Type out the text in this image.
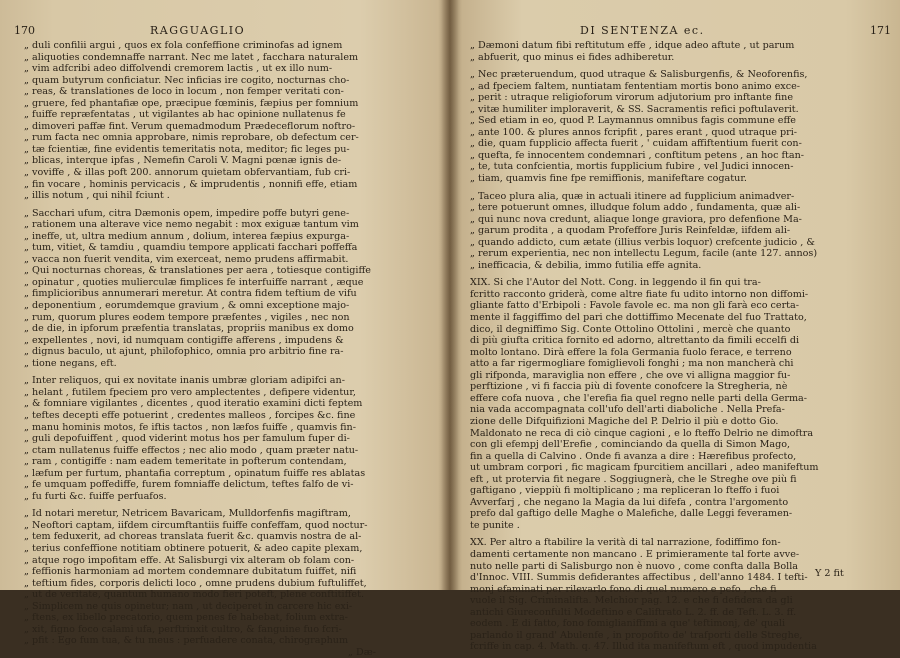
170	RAGGUAGLIO
„ duli confilii argui , quos ex fola confeffione criminofas ad ignem
„ aliquoties condemnaffe narrant. Nec me latet , facchara naturalem
„ vim adfcribi adeo diffolvendi cremorem lactis , ut ex illo num-
„ quam butyrum conficiatur. Nec inficias ire cogito, nocturnas cho-
„ reas, & translationes de loco in locum , non femper veritati con-
„ gruere, fed phantafiæ ope, præcipue fœminis, fæpius per fomnium
„ fuiffe repræfentatas , ut vigilantes ab hac opinione nullatenus fe
„ dimoveri paffæ fint. Verum quemadmodum Prædeceflorum noftro-
„ rum facta nec omnia approbare, nimis reprobare, ob defectum cer-
„ tæ fcientiæ, fine evidentis temeritatis nota, meditor; fic leges pu-
„ blicas, interque ipfas , Nemefin Caroli V. Magni pœnæ ignis de-
„ voviffe , & illas poft 200. annorum quietam obfervantiam, fub cri-
„ fin vocare , hominis pervicacis , & imprudentis , nonnifi effe, etiam
„ illis notum , qui nihil fciunt .
„ Sacchari ufum, citra Dæmonis opem, impedire poffe butyri gene-
„ rationem una alterave vice nemo negabit : mox exiguæ tantum vim
„ ineffe, ut, ultra medium annum , dolium, interea fæpius expurga-
„ tum, vitiet, & tamdiu , quamdiu tempore applicati facchari poffeffa
„ vacca non fuerit vendita, vim exerceat, nemo prudens affirmabit.
„ Qui nocturnas choreas, & translationes per aera , totiesque contigiffe
„ opinatur , quoties mulierculæ fimplices fe interfuiffe narrant , æque
„ fimplicioribus annumerari meretur. At contra fidem teftium de vifu
„ deponentium , eorumdemque gravium , & omni exceptione majo-
„ rum, quorum plures eodem tempore præfentes , vigiles , nec non
„ de die, in ipforum præfentia translatas, propriis manibus ex domo
„ expellentes , novi, id numquam contigiffe afferens , impudens &
„ dignus baculo, ut ajunt, philofophico, omnia pro arbitrio fine ra-
„ tione negans, eft.
„ Inter reliquos, qui ex novitate inanis umbræ gloriam adipifci an-
„ helant , futilem fpeciem pro vero amplectentes , defipere videntur,
„ & fomniare vigilantes , dicentes , quod iteratio examini dicti feptem
„ teftes decepti effe potuerint , credentes malleos , forcipes &c. fine
„ manu hominis motos, fe iftis tactos , non læfos fuiffe , quamvis fin-
„ guli depofuiffent , quod viderint motus hos per famulum fuper di-
„ ctam nullatenus fuiffe effectos ; nec alio modo , quam præter natu-
„ ram , contigiffe : nam eadem temeritate in pofterum contendam,
„ læfum per furtum, phantafia correptum , opinatum fuiffe res ablatas
„ fe umquam poffediffe, furem fomniaffe delictum, teftes falfo de vi-
„ fu furti &c. fuiffe perfuafos.
„ Id notari meretur, Netricem Bavaricam, Mulldorfenfis magiftram,
„ Neoftori captam, iifdem circumftantiis fuiffe confeffam, quod noctur-
„ tem feduxerit, ad choreas translata fuerit &c. quamvis nostra de al-
„ terius confeffione notitiam obtinere potuerit, & adeo capite plexam,
„ atque rogo impofitam effe. At Salisburgi vix alteram ob folam con-
„ feffionis harmoniam ad mortem condemnare dubitatum fuiffet, nifi
„ teftium fides, corporis delicti loco , omne prudens dubium fuftuliffet,
„ ut de veritate, quantum humano modo fieri poteft, plene conftitiffet.
„ Simplicem ne quis opinetur; nam , ut deciperet in carcere hic exi-
„ ftens, ex libello precatorio, quem penes fe habebat, folium extra-
„ xit, figno foco calami ufa, perftrinxit cultro, & fanguine fuo fcri-
„ pfit : Ego fum tua, & tu meus : perfuadere conata, chirographum
„ Dæ-
DI SENTENZA ec.	171
„ Dæmoni datum fibi reftitutum effe , idque adeo aftute , ut parum
„ abfuerit, quo minus ei fides adhiberetur.
„ Nec præteruendum, quod utraque & Salisburgenfis, & Neoforenfis,
„ ad fpeciem faltem, nuntiatam fententiam mortis bono animo exce-
„ perit : utraque religioforum virorum adjutorium pro inftante fine
„ vitæ humiliter imploraverit, & SS. Sacramentis refici poftulaverit.
„ Sed etiam in eo, quod P. Laymannus omnibus fagis commune effe
„ ante 100. & plures annos fcripfit , pares erant , quod utraque pri-
„ die, quam fupplicio affecta fuerit , ' cuidam affiftentium fuerit con-
„ quefta, fe innocentem condemnari , conftitum petens , an hoc ftan-
„ te, tuta confcientia, mortis fupplicium fubire , vel Judici innocen-
„ tiam, quamvis fine fpe remiffionis, manifeftare cogatur.
„ Taceo plura alia, quæ in actuali itinere ad fupplicium animadver-
„ tere potuerunt omnes, illudque folum addo , fundamenta, quæ ali-
„ qui nunc nova credunt, aliaque longe graviora, pro defenfione Ma-
„ garum prodita , a quodam Profeffore Juris Reinfeldæ, iifdem ali-
„ quando addicto, cum ætate (illius verbis loquor) crefcente judicio , &
„ rerum experientia, nec non intellectu Legum, facile (ante 127. annos)
„ inefficacia, & debilia, immo futilia effe agnita.
XIX. Si che l'Autor del Nott. Cong. in leggendo il fin qui tra-
fcritto racconto griderà, come altre fiate fu udito intorno non diffomi-
gliante fatto d'Erbipoli : Favole favole ec. ma non gli farà eco certa-
mente il faggiffimo del pari che dottiffimo Mecenate del fuo Trattato,
dico, il degniffimo Sig. Conte Ottolino Ottolini , mercè che quanto
di più giufta critica fornito ed adorno, altrettanto da fimili eccelfi di
molto lontano. Dirà effere la fola Germania fuolo ferace, e terreno
atto a far rigermogliare fomiglievoli fonghi ; ma non mancherà chi
gli rifponda, maraviglia non effere , che ove vi alligna maggior fu-
perftizione , vi fi faccia più di fovente conofcere la Stregheria, nè
effere cofa nuova , che l'erefia fia quel regno nelle parti della Germa-
nia vada accompagnata coll'ufo dell'arti diaboliche . Nella Prefa-
zione delle Difquifizioni Magiche del P. Delrio il più e dotto Gio.
Maldonato ne reca di ciò cinque cagioni , e lo fteffo Delrio ne dimoftra
con gli efempj dell'Erefie , cominciando da quella di Simon Mago,
fin a quella di Calvino . Onde fi avanza a dire : Hærefibus profecto,
ut umbram corpori , fic magicam fpurcitiem ancillari , adeo manifeftum
eft , ut protervia fit negare . Soggiugnerà, che le Streghe ove più fi
gaftigano , vieppiù fi moltiplicano ; ma repliceran lo fteffo i fuoi
Avverfarj , che negano la Magia da lui difefa , contra l'argomento
prefo dal gaftigo delle Maghe o Malefiche, dalle Leggi feveramen-
te punite .
XX. Per altro a ftabilire la verità di tal narrazione, fodiffimo fon-
damenti certamente non mancano . E primieramente tal forte avve-
nuto nelle parti di Salisburgo non è nuovo , come confta dalla Bolla
d'Innoc. VIII. Summis defiderantes affectibus , dell'anno 1484. I tefti-
monj efaminati per rilevarlo fono di quel numero e pefo , che fi
vuole il Sig. Criminalifta. Melchior pag. 12. e che fi defidera da gli
antichi Giureconfulti Modeftino e Califtrato L. 2. ff. de Teft. L. 3. ff.
eodem . E di fatto, fono fomiglianiffimi a que' teftimonj, de' quali
parlando il grand' Abulenfe , in propofito de' trafporti delle Streghe,
fcriffe in cap. 4. Math. q. 47. Illud ita manifeftum eft , quod impudentia
Y 2 fit
